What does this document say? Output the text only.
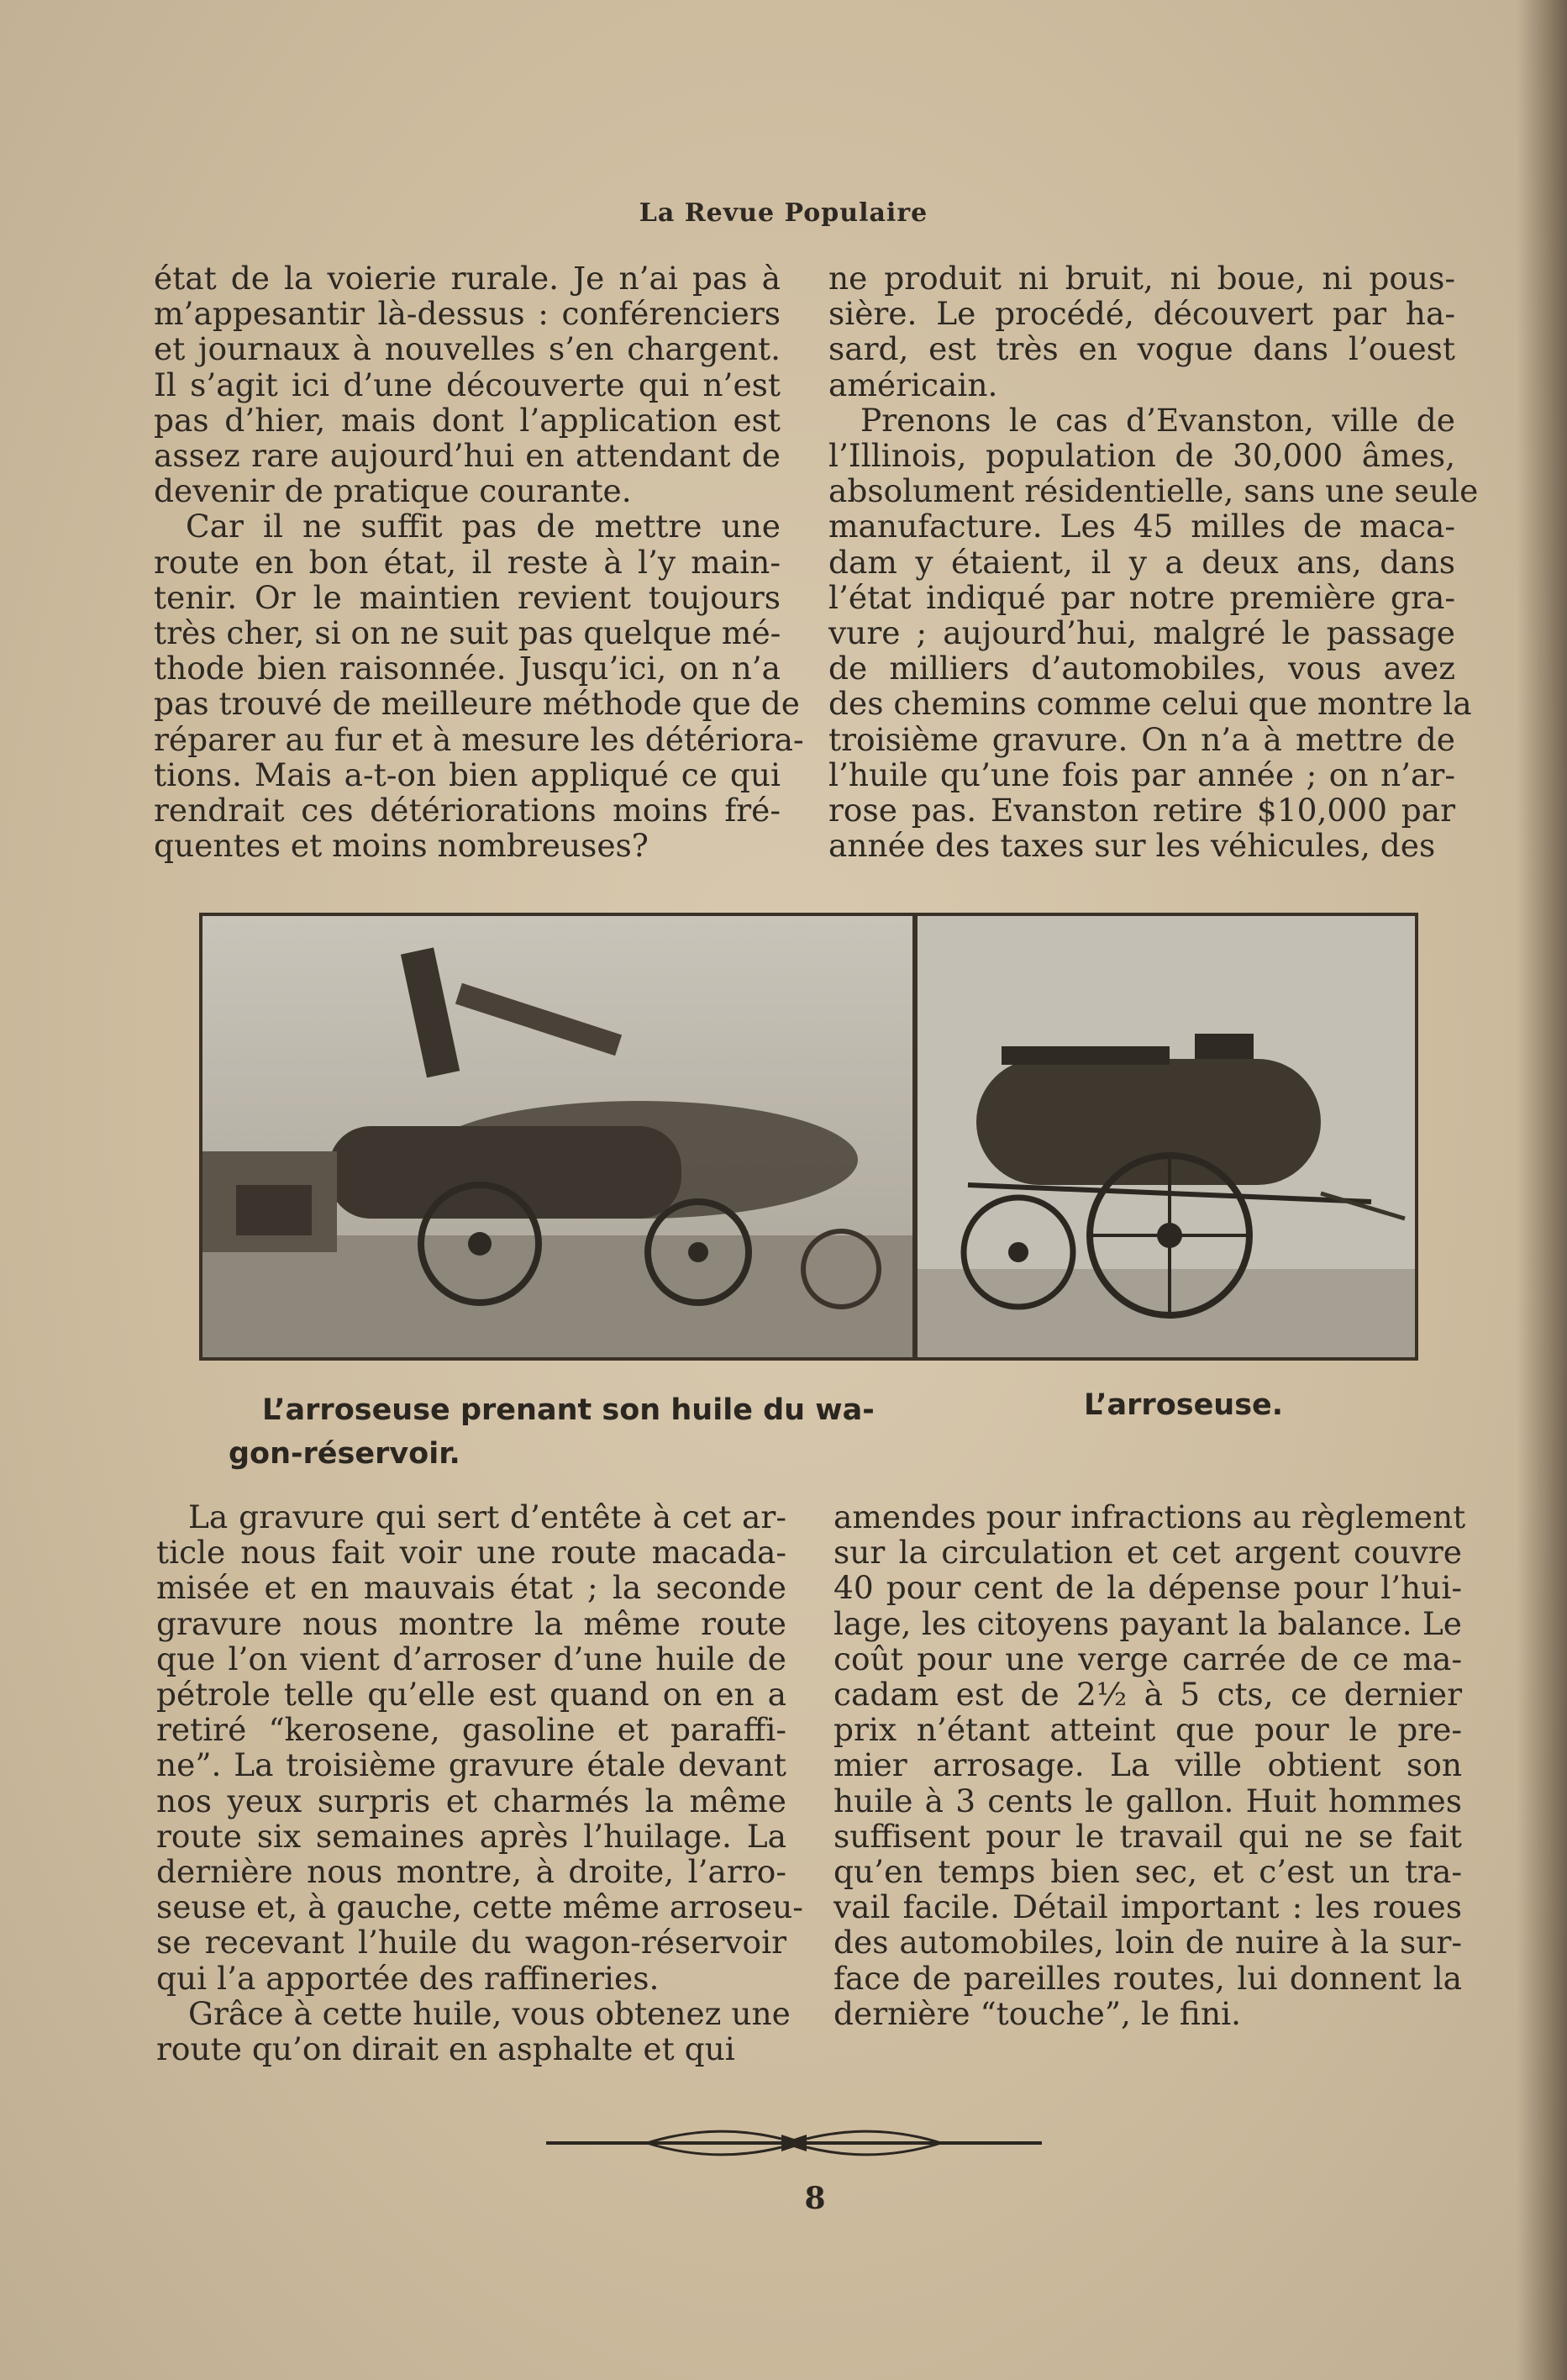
La Revue Populaire
état de la voierie rurale. Je n’ai pas à
m’appesantir là-dessus : conférenciers
et journaux à nouvelles s’en chargent.
Il s’agit ici d’une découverte qui n’est
pas d’hier, mais dont l’application est
assez rare aujourd’hui en attendant de
devenir de pratique courante.
Car il ne suffit pas de mettre une
route en bon état, il reste à l’y main-
tenir. Or le maintien revient toujours
très cher, si on ne suit pas quelque mé-
thode bien raisonnée. Jusqu’ici, on n’a
pas trouvé de meilleure méthode que de
réparer au fur et à mesure les détériora-
tions. Mais a-t-on bien appliqué ce qui
rendrait ces détériorations moins fré-
quentes et moins nombreuses?
ne produit ni bruit, ni boue, ni pous-
sière. Le procédé, découvert par ha-
sard, est très en vogue dans l’ouest
américain.
Prenons le cas d’Evanston, ville de
l’Illinois, population de 30,000 âmes,
absolument résidentielle, sans une seule
manufacture. Les 45 milles de maca-
dam y étaient, il y a deux ans, dans
l’état indiqué par notre première gra-
vure ; aujourd’hui, malgré le passage
de milliers d’automobiles, vous avez
des chemins comme celui que montre la
troisième gravure. On n’a à mettre de
l’huile qu’une fois par année ; on n’ar-
rose pas. Evanston retire $10,000 par
année des taxes sur les véhicules, des
L’arroseuse prenant son huile du wa-
gon-réservoir.
L’arroseuse.
La gravure qui sert d’entête à cet ar-
ticle nous fait voir une route macada-
misée et en mauvais état ; la seconde
gravure nous montre la même route
que l’on vient d’arroser d’une huile de
pétrole telle qu’elle est quand on en a
retiré “kerosene, gasoline et paraffi-
ne”. La troisième gravure étale devant
nos yeux surpris et charmés la même
route six semaines après l’huilage. La
dernière nous montre, à droite, l’arro-
seuse et, à gauche, cette même arroseu-
se recevant l’huile du wagon-réservoir
qui l’a apportée des raffineries.
Grâce à cette huile, vous obtenez une
route qu’on dirait en asphalte et qui
amendes pour infractions au règlement
sur la circulation et cet argent couvre
40 pour cent de la dépense pour l’hui-
lage, les citoyens payant la balance. Le
coût pour une verge carrée de ce ma-
cadam est de 2½ à 5 cts, ce dernier
prix n’étant atteint que pour le pre-
mier arrosage. La ville obtient son
huile à 3 cents le gallon. Huit hommes
suffisent pour le travail qui ne se fait
qu’en temps bien sec, et c’est un tra-
vail facile. Détail important : les roues
des automobiles, loin de nuire à la sur-
face de pareilles routes, lui donnent la
dernière “touche”, le fini.
8
